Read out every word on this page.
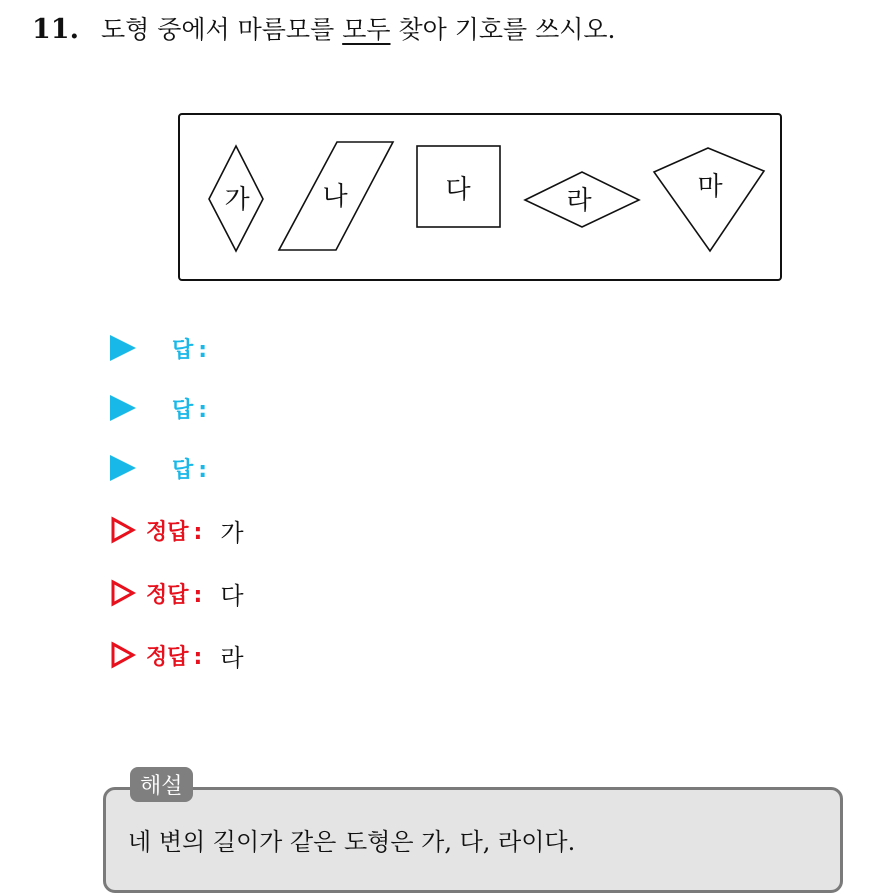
11. 도형 중에서 마름모를 모두 찾아 기호를 쓰시오.
가	나	다	라	마
답 :
답 :
답 :
정답 : 가
정답 : 다
정답 : 라
해설
네 변의 길이가 같은 도형은 가, 다, 라이다.
